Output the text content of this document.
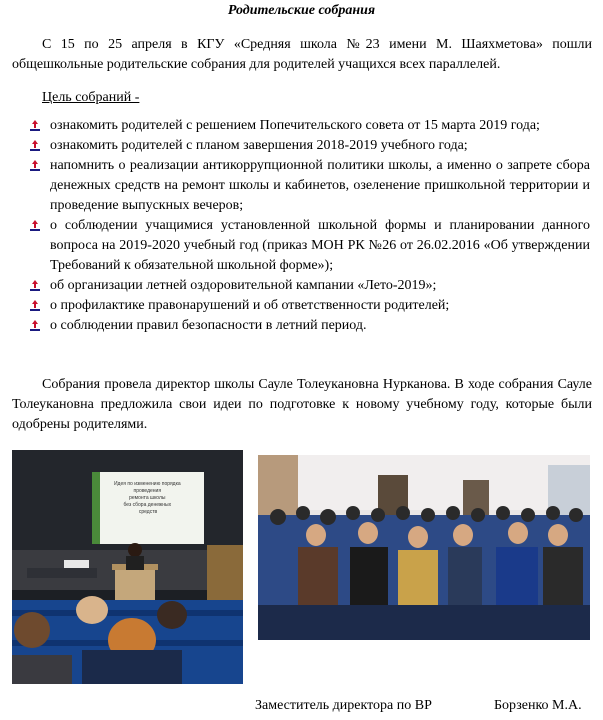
Родительские собрания
С 15 по 25 апреля в КГУ «Средняя школа №23 имени М. Шаяхметова» пошли общешкольные родительские собрания для родителей учащихся всех параллелей.
Цель собраний -
ознакомить родителей с решением Попечительского совета от 15 марта 2019 года;
ознакомить родителей с планом завершения 2018-2019 учебного года;
напомнить о реализации антикоррупционной политики школы, а именно о запрете сбора денежных средств на ремонт школы и кабинетов, озеленение пришкольной территории и проведение выпускных вечеров;
о соблюдении учащимися установленной школьной формы и планировании данного вопроса на 2019-2020 учебный год (приказ МОН РК №26 от 26.02.2016 «Об утверждении Требований к обязательной школьной форме»);
об организации летней оздоровительной кампании «Лето-2019»;
о профилактике правонарушений и об ответственности родителей;
о соблюдении правил безопасности в летний период.
Собрания провела директор школы Сауле Толеукановна Нурканова. В ходе собрания Сауле Толеукановна предложила свои идеи по подготовке к новому учебному году, которые были одобрены родителями.
Идея по изменению порядка проведения ремонта школы без сбора денежных средств
Заместитель директора по ВР	Борзенко М.А.
